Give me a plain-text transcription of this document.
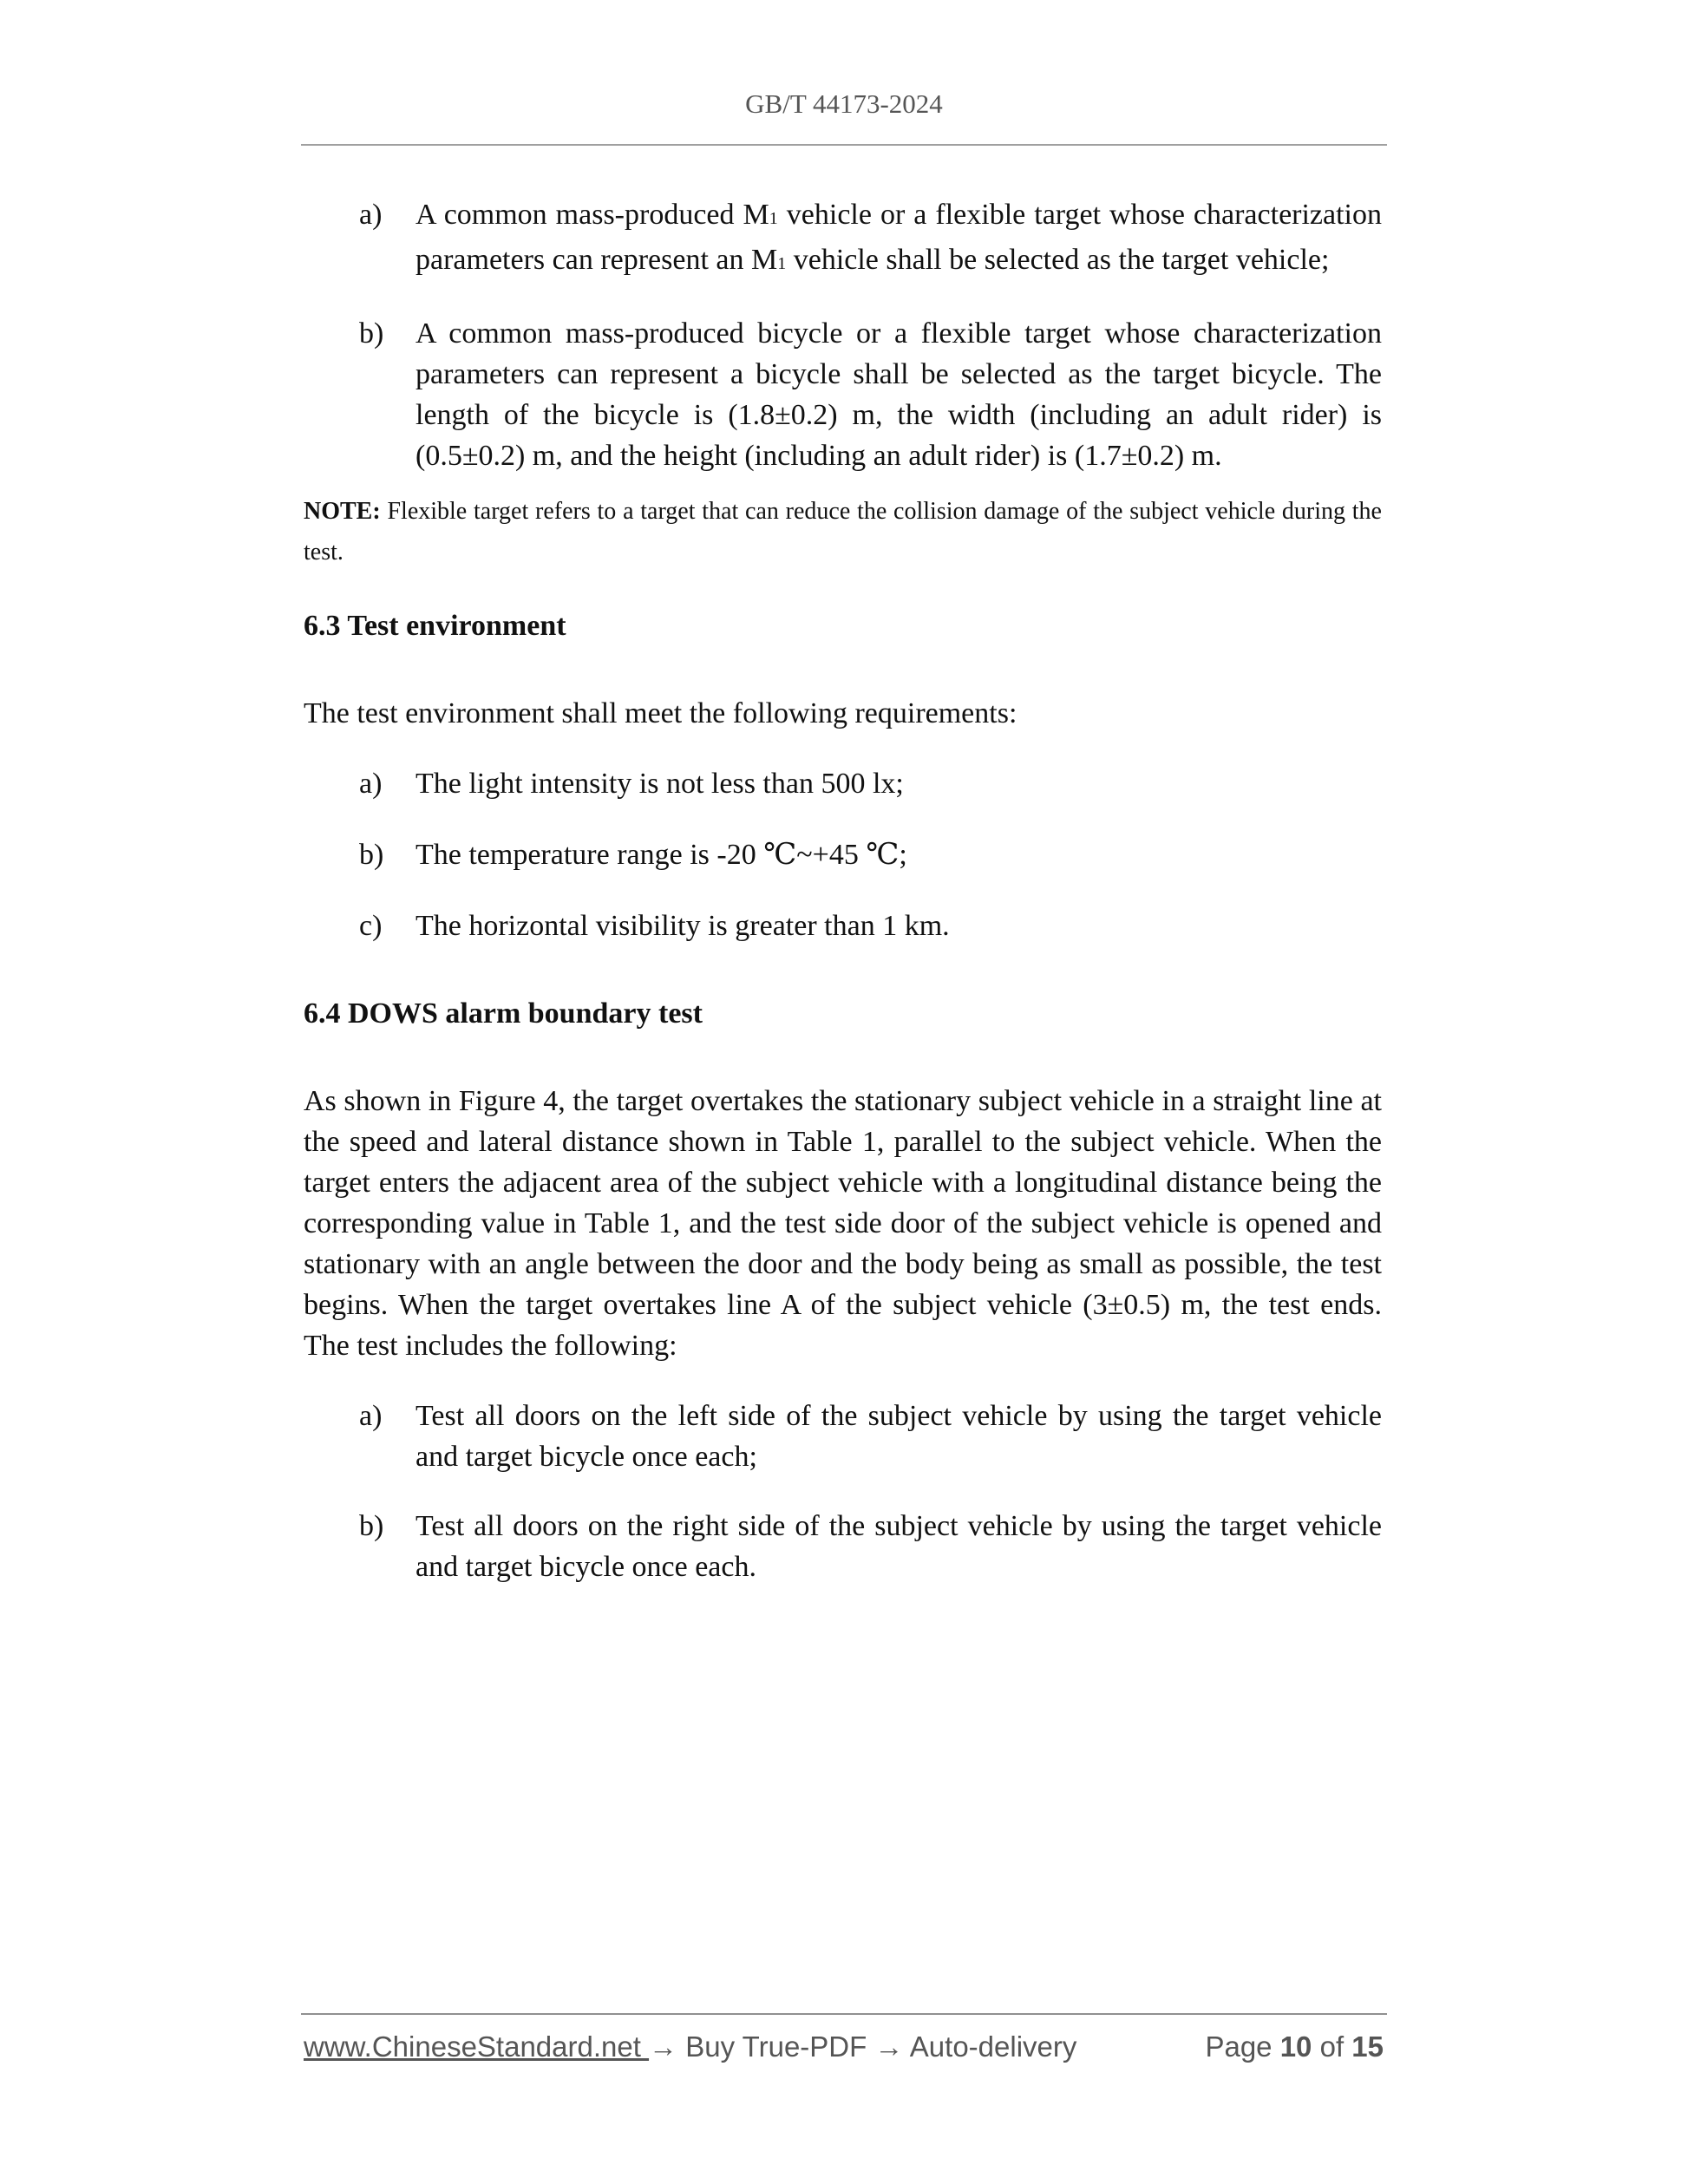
GB/T 44173-2024
a) A common mass-produced M1 vehicle or a flexible target whose characterization parameters can represent an M1 vehicle shall be selected as the target vehicle;
b) A common mass-produced bicycle or a flexible target whose characterization parameters can represent a bicycle shall be selected as the target bicycle. The length of the bicycle is (1.8±0.2) m, the width (including an adult rider) is (0.5±0.2) m, and the height (including an adult rider) is (1.7±0.2) m.
NOTE: Flexible target refers to a target that can reduce the collision damage of the subject vehicle during the test.
6.3 Test environment
The test environment shall meet the following requirements:
a) The light intensity is not less than 500 lx;
b) The temperature range is -20 ℃~+45 ℃;
c) The horizontal visibility is greater than 1 km.
6.4 DOWS alarm boundary test
As shown in Figure 4, the target overtakes the stationary subject vehicle in a straight line at the speed and lateral distance shown in Table 1, parallel to the subject vehicle. When the target enters the adjacent area of the subject vehicle with a longitudinal distance being the corresponding value in Table 1, and the test side door of the subject vehicle is opened and stationary with an angle between the door and the body being as small as possible, the test begins. When the target overtakes line A of the subject vehicle (3±0.5) m, the test ends. The test includes the following:
a) Test all doors on the left side of the subject vehicle by using the target vehicle and target bicycle once each;
b) Test all doors on the right side of the subject vehicle by using the target vehicle and target bicycle once each.
www.ChineseStandard.net → Buy True-PDF → Auto-delivery	Page 10 of 15
